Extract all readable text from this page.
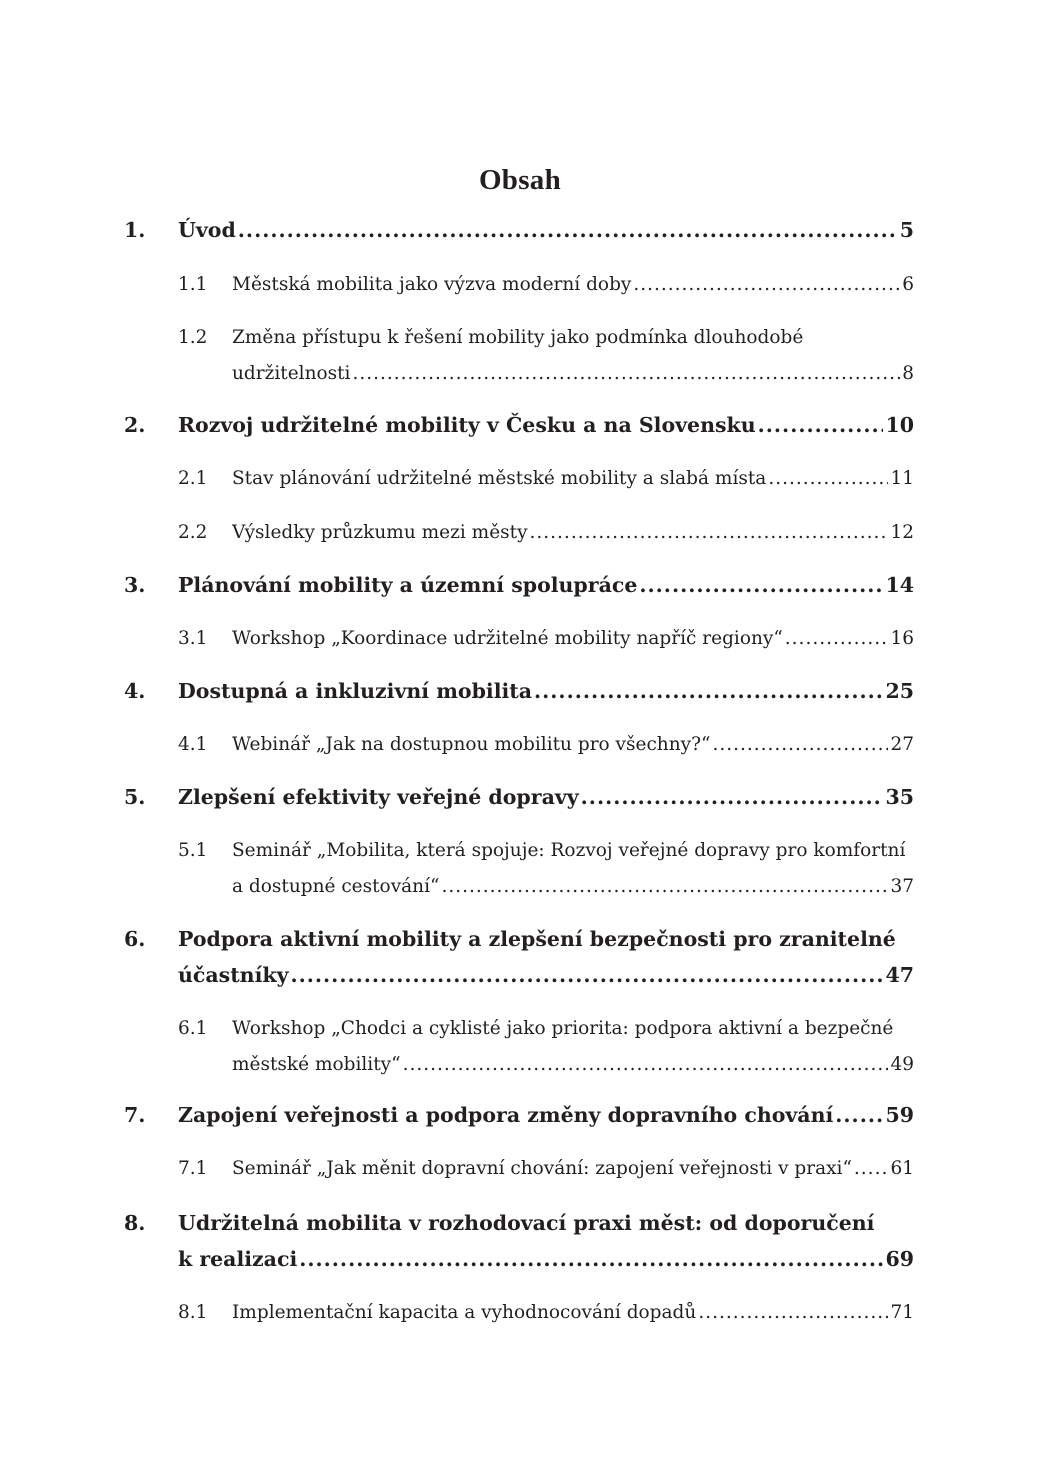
Obsah
1. Úvod .....	5
1.1 Městská mobilita jako výzva moderní doby .....	6
1.2 Změna přístupu k řešení mobility jako podmínka dlouhodobé
udržitelnosti .....	8
2. Rozvoj udržitelné mobility v Česku a na Slovensku .....	10
2.1 Stav plánování udržitelné městské mobility a slabá místa .....	11
2.2 Výsledky průzkumu mezi městy .....	12
3. Plánování mobility a územní spolupráce .....	14
3.1 Workshop „Koordinace udržitelné mobility napříč regiony“ .....	16
4. Dostupná a inkluzivní mobilita .....	25
4.1 Webinář „Jak na dostupnou mobilitu pro všechny?“ .....	27
5. Zlepšení efektivity veřejné dopravy .....	35
5.1 Seminář „Mobilita, která spojuje: Rozvoj veřejné dopravy pro komfortní
a dostupné cestování“ .....	37
6. Podpora aktivní mobility a zlepšení bezpečnosti pro zranitelné
účastníky .....	47
6.1 Workshop „Chodci a cyklisté jako priorita: podpora aktivní a bezpečné
městské mobility“ .....	49
7. Zapojení veřejnosti a podpora změny dopravního chování .....	59
7.1 Seminář „Jak měnit dopravní chování: zapojení veřejnosti v praxi“ ..... 61
8. Udržitelná mobilita v rozhodovací praxi měst: od doporučení
k realizaci .....	69
8.1 Implementační kapacita a vyhodnocování dopadů .....	71
